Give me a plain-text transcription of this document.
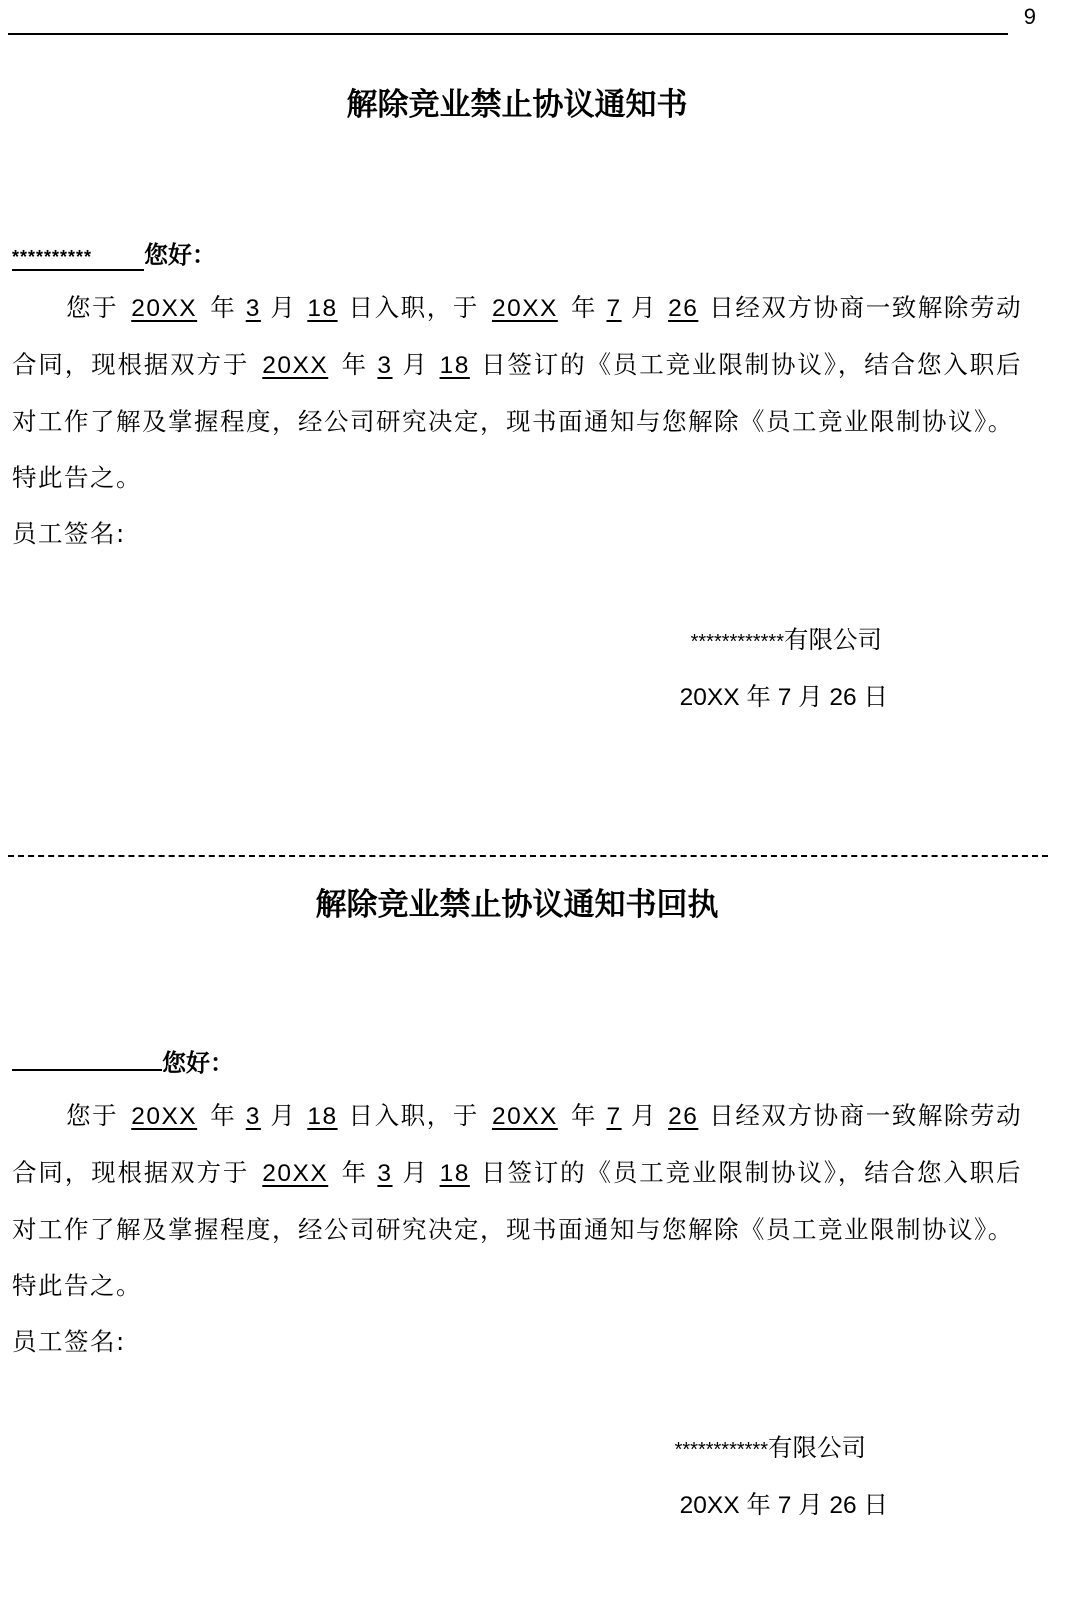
9
解除竞业禁止协议通知书
********** 您好：

您于 20XX 年 3 月 18 日入职，于 20XX 年 7 月 26 日经双方协商一致解除劳动合同，现根据双方于 20XX 年 3 月 18 日签订的《员工竞业限制协议》，结合您入职后对工作了解及掌握程度，经公司研究决定，现书面通知与您解除《员工竞业限制协议》。

特此告之。

员工签名:

************有限公司
20XX 年 7 月 26 日
解除竞业禁止协议通知书回执
您好：

您于 20XX 年 3 月 18 日入职，于 20XX 年 7 月 26 日经双方协商一致解除劳动合同，现根据双方于 20XX 年 3 月 18 日签订的《员工竞业限制协议》，结合您入职后对工作了解及掌握程度，经公司研究决定，现书面通知与您解除《员工竞业限制协议》。

特此告之。

员工签名:

************有限公司
20XX 年 7 月 26 日
